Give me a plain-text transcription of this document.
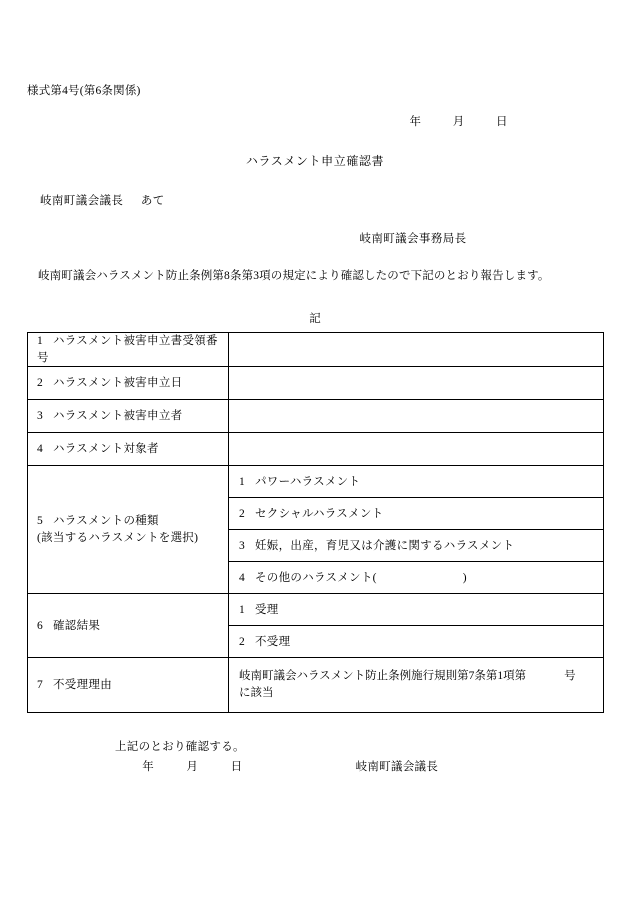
様式第4号(第6条関係)
年	月	日
ハラスメント申立確認書
岐南町議会議長 あて
岐南町議会事務局長
岐南町議会ハラスメント防止条例第8条第3項の規定により確認したので下記のとおり報告します。
記
1 ハラスメント被害申立書受領番号	
2 ハラスメント被害申立日	
3 ハラスメント被害申立者	
4 ハラスメント対象者	

5 ハラスメントの種類
(該当するハラスメントを選択)	1 パワーハラスメント
	2 セクシャルハラスメント
	3 妊娠，出産，育児又は介護に関するハラスメント
	4 その他のハラスメント( )
6 確認結果	1 受理
	2 不受理
7 不受理理由	岐南町議会ハラスメント防止条例施行規則第7条第1項第 号
に該当
上記のとおり確認する。
年	月	日	岐南町議会議長
